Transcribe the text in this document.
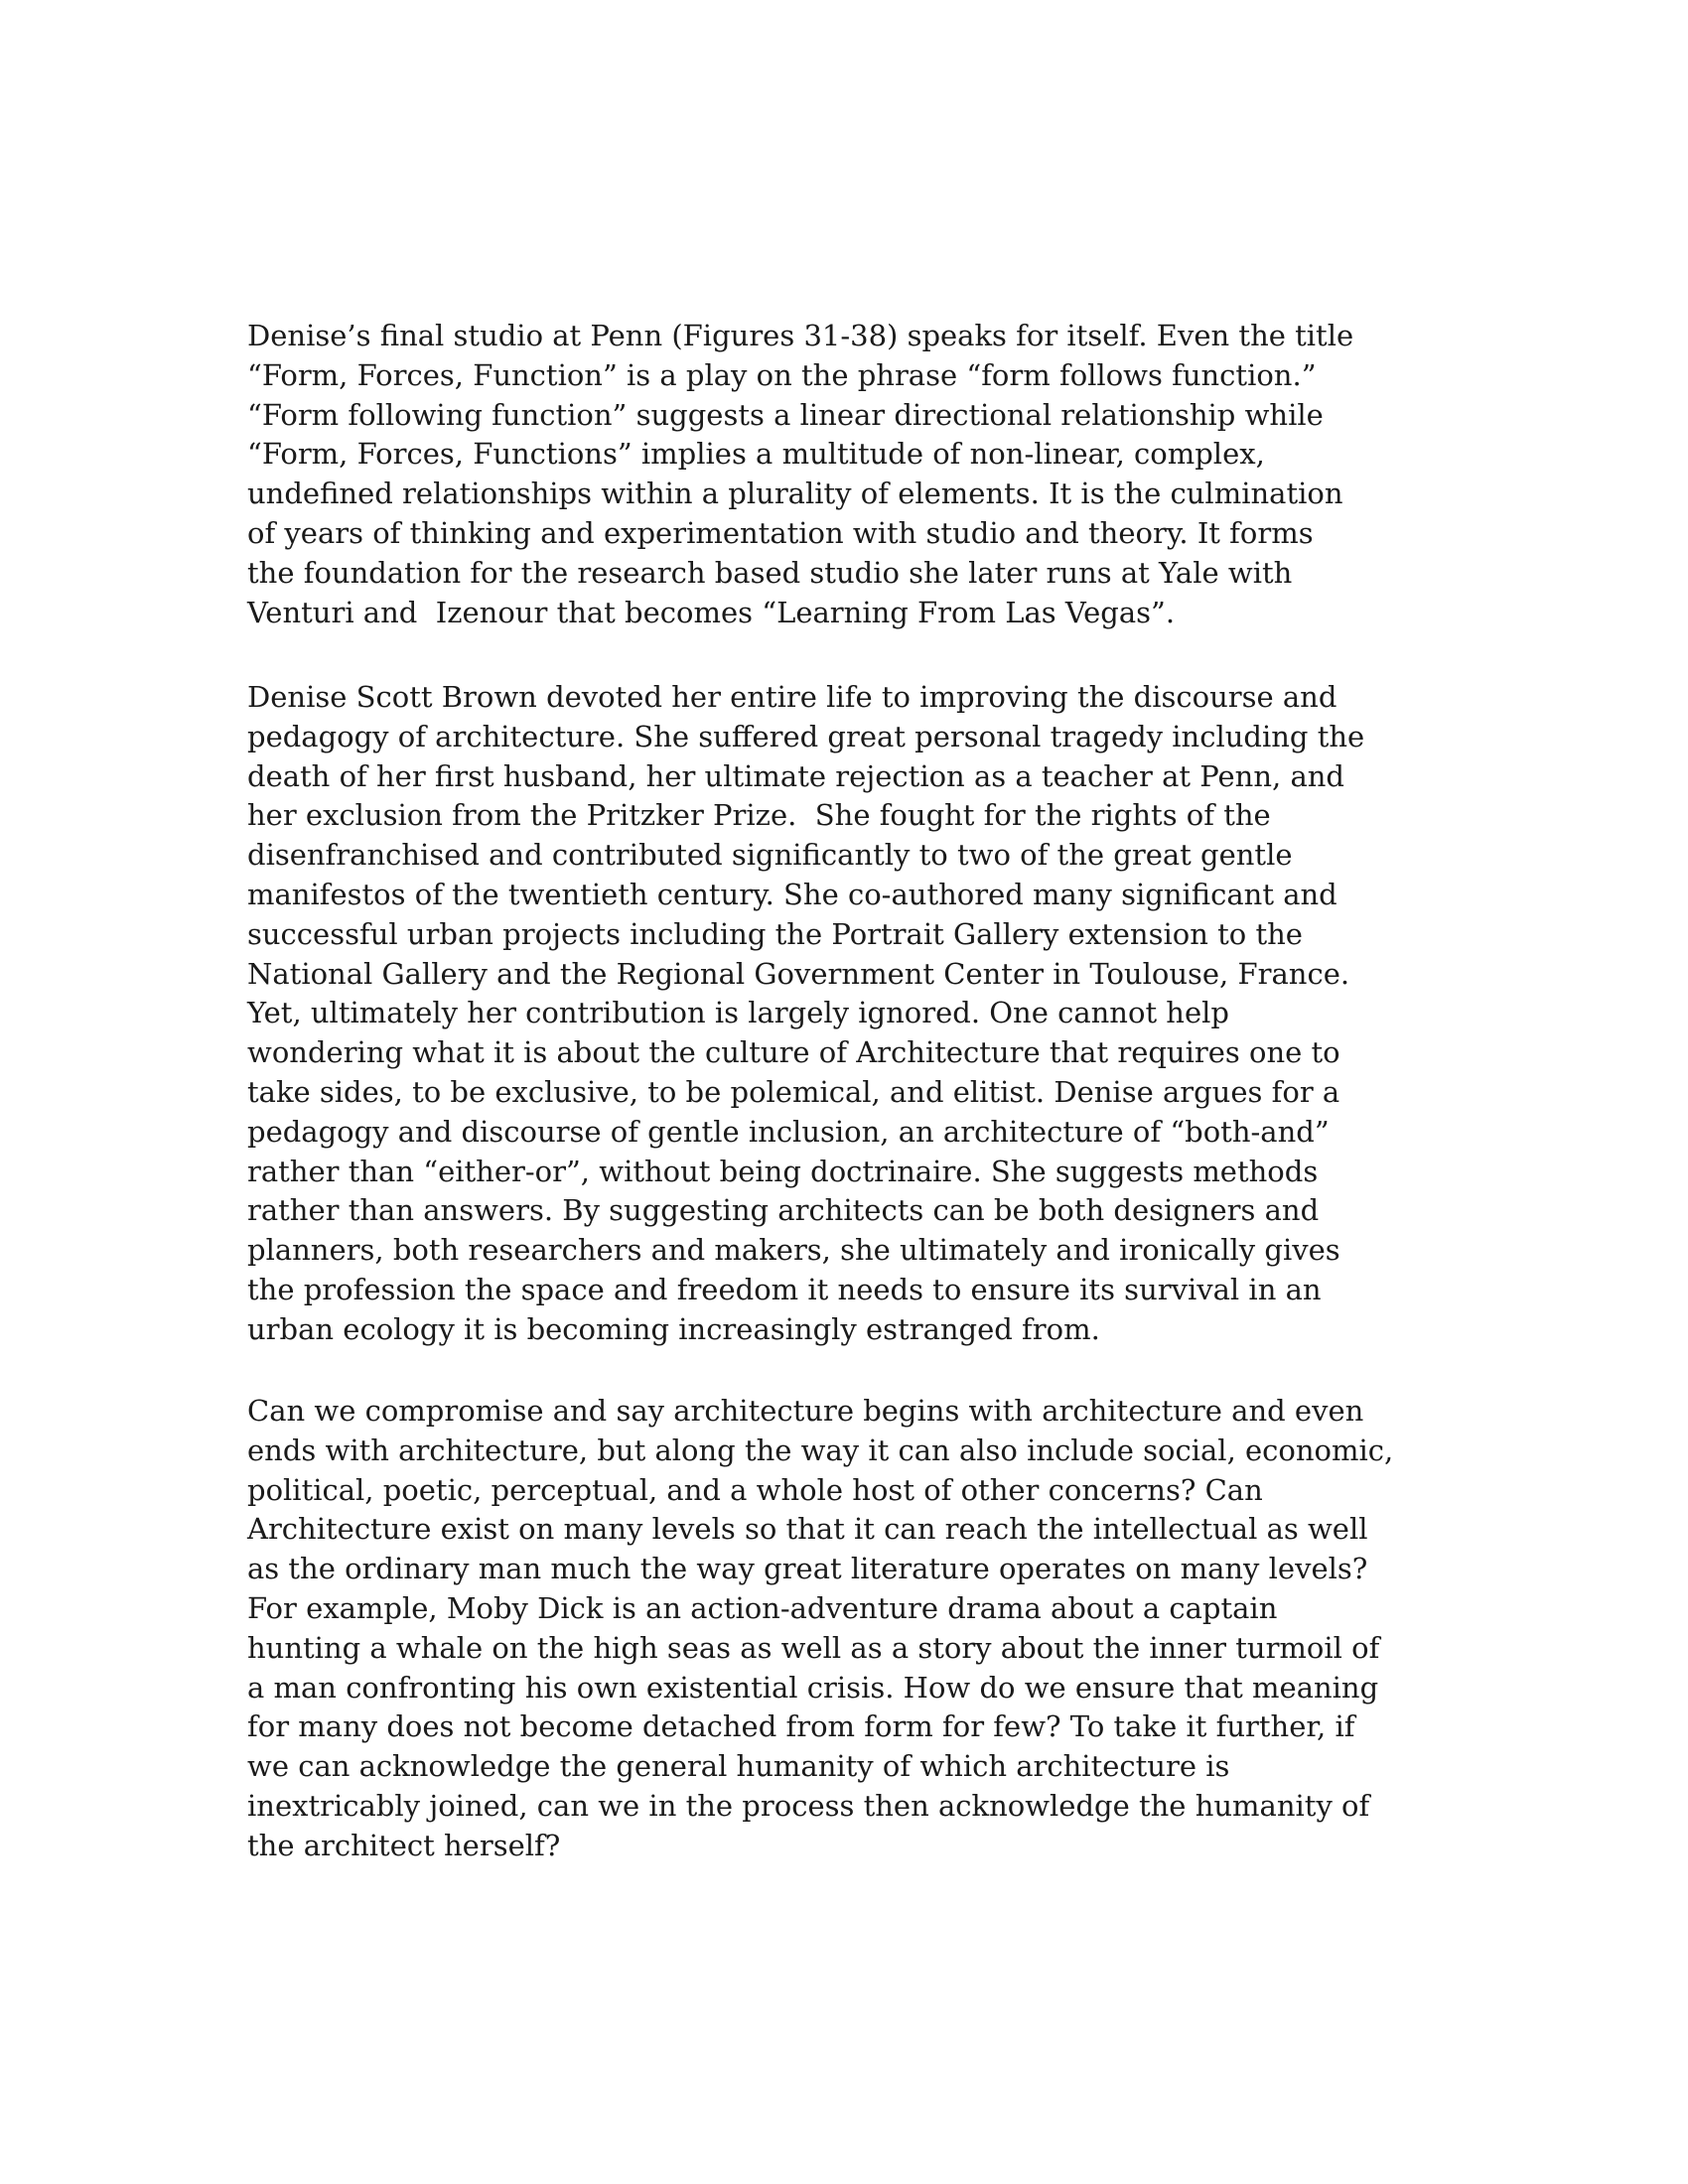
Denise’s final studio at Penn (Figures 31-38) speaks for itself. Even the title
“Form, Forces, Function” is a play on the phrase “form follows function.”
“Form following function” suggests a linear directional relationship while
“Form, Forces, Functions” implies a multitude of non-linear, complex,
undefined relationships within a plurality of elements. It is the culmination
of years of thinking and experimentation with studio and theory. It forms
the foundation for the research based studio she later runs at Yale with
Venturi and  Izenour that becomes “Learning From Las Vegas”.
Denise Scott Brown devoted her entire life to improving the discourse and
pedagogy of architecture. She suffered great personal tragedy including the
death of her first husband, her ultimate rejection as a teacher at Penn, and
her exclusion from the Pritzker Prize.  She fought for the rights of the
disenfranchised and contributed significantly to two of the great gentle
manifestos of the twentieth century. She co-authored many significant and
successful urban projects including the Portrait Gallery extension to the
National Gallery and the Regional Government Center in Toulouse, France.
Yet, ultimately her contribution is largely ignored. One cannot help
wondering what it is about the culture of Architecture that requires one to
take sides, to be exclusive, to be polemical, and elitist. Denise argues for a
pedagogy and discourse of gentle inclusion, an architecture of “both-and”
rather than “either-or”, without being doctrinaire. She suggests methods
rather than answers. By suggesting architects can be both designers and
planners, both researchers and makers, she ultimately and ironically gives
the profession the space and freedom it needs to ensure its survival in an
urban ecology it is becoming increasingly estranged from.
Can we compromise and say architecture begins with architecture and even
ends with architecture, but along the way it can also include social, economic,
political, poetic, perceptual, and a whole host of other concerns? Can
Architecture exist on many levels so that it can reach the intellectual as well
as the ordinary man much the way great literature operates on many levels?
For example, Moby Dick is an action-adventure drama about a captain
hunting a whale on the high seas as well as a story about the inner turmoil of
a man confronting his own existential crisis. How do we ensure that meaning
for many does not become detached from form for few? To take it further, if
we can acknowledge the general humanity of which architecture is
inextricably joined, can we in the process then acknowledge the humanity of
the architect herself?
